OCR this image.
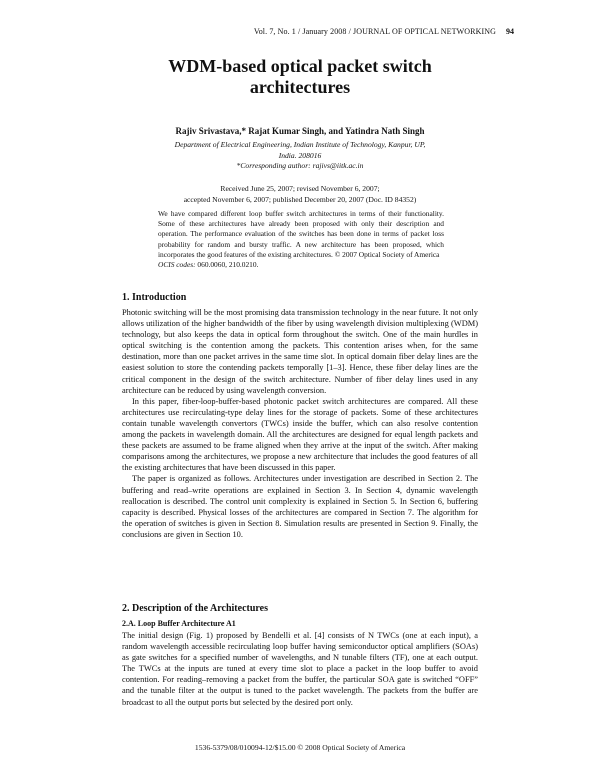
Vol. 7, No. 1 / January 2008 / JOURNAL OF OPTICAL NETWORKING 94
WDM-based optical packet switch
architectures
Rajiv Srivastava,* Rajat Kumar Singh, and Yatindra Nath Singh
Department of Electrical Engineering, Indian Institute of Technology, Kanpur, UP,
India. 208016
*Corresponding author: rajivs@iitk.ac.in
Received June 25, 2007; revised November 6, 2007;
accepted November 6, 2007; published December 20, 2007 (Doc. ID 84352)

We have compared different loop buffer switch architectures in terms of their functionality. Some of these architectures have already been proposed with only their description and operation. The performance evaluation of the switches has been done in terms of packet loss probability for random and bursty traffic. A new architecture has been proposed, which incorporates the good features of the existing architectures. © 2007 Optical Society of America

OCIS codes: 060.0060, 210.0210.

1. Introduction

Photonic switching will be the most promising data transmission technology in the near future. It not only allows utilization of the higher bandwidth of the fiber by using wavelength division multiplexing (WDM) technology, but also keeps the data in optical form throughout the switch. One of the main hurdles in optical switching is the contention among the packets. This contention arises when, for the same destination, more than one packet arrives in the same time slot. In optical domain fiber delay lines are the easiest solution to store the contending packets temporally [1–3]. Hence, these fiber delay lines are the critical component in the design of the switch architecture. Number of fiber delay lines used in any architecture can be reduced by using wavelength conversion.

In this paper, fiber-loop-buffer-based photonic packet switch architectures are compared. All these architectures use recirculating-type delay lines for the storage of packets. Some of these architectures contain tunable wavelength convertors (TWCs) inside the buffer, which can also resolve contention among the packets in wavelength domain. All the architectures are designed for equal length packets and these packets are assumed to be frame aligned when they arrive at the input of the switch. After making comparisons among the architectures, we propose a new architecture that includes the good features of all the existing architectures that have been discussed in this paper.

The paper is organized as follows. Architectures under investigation are described in Section 2. The buffering and read–write operations are explained in Section 3. In Section 4, dynamic wavelength reallocation is described. The control unit complexity is explained in Section 5. In Section 6, buffering capacity is described. Physical losses of the architectures are compared in Section 7. The algorithm for the operation of switches is given in Section 8. Simulation results are presented in Section 9. Finally, the conclusions are given in Section 10.

2. Description of the Architectures
2.A. Loop Buffer Architecture A1

The initial design (Fig. 1) proposed by Bendelli et al. [4] consists of N TWCs (one at each input), a random wavelength accessible recirculating loop buffer having semiconductor optical amplifiers (SOAs) as gate switches for a specified number of wavelengths, and N tunable filters (TF), one at each output. The TWCs at the inputs are tuned at every time slot to place a packet in the loop buffer to avoid contention. For reading–removing a packet from the buffer, the particular SOA gate is switched “OFF” and the tunable filter at the output is tuned to the packet wavelength. The packets from the buffer are broadcast to all the output ports but selected by the desired port only.

1536-5379/08/010094-12/$15.00 © 2008 Optical Society of America
